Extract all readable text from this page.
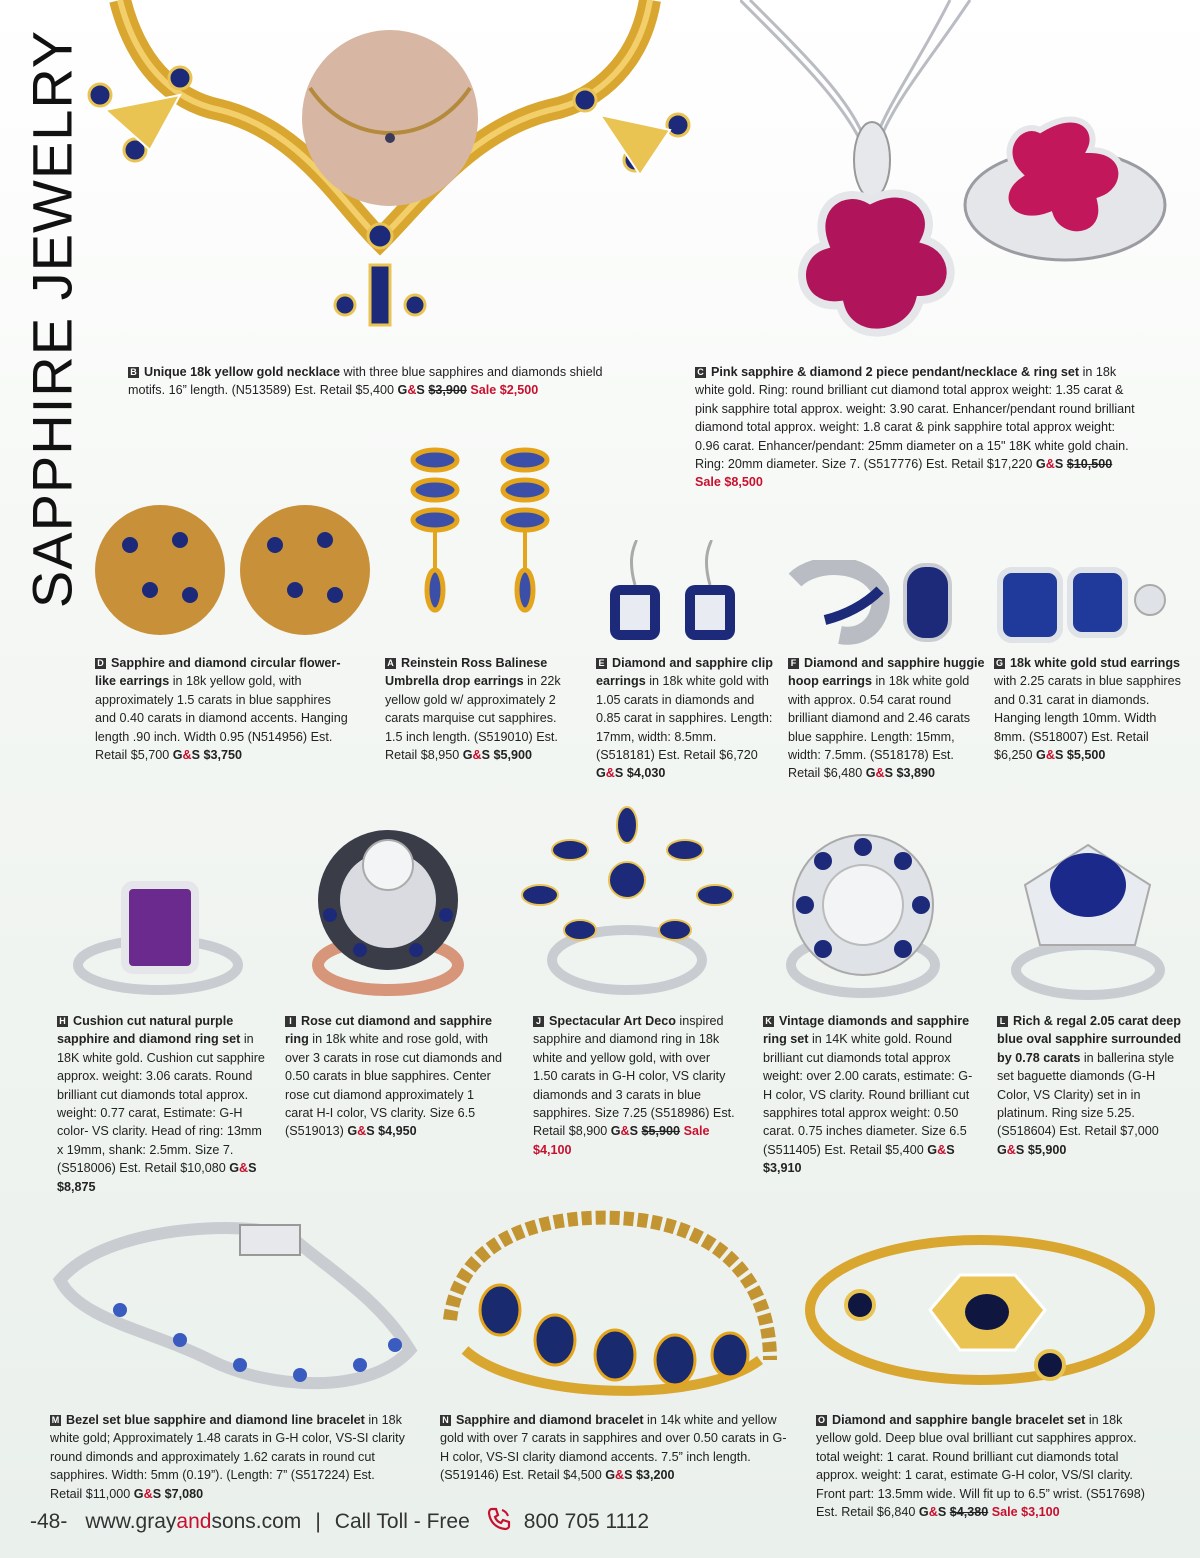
SAPPHIRE JEWELRY	B Unique 18k yellow gold necklace with three blue sapphires and diamonds shield motifs. 16” length. (N513589) Est. Retail $5,400 G&S $3,900 Sale $2,500

C Pink sapphire & diamond 2 piece pendant/necklace & ring set in 18k white gold. Ring: round brilliant cut diamond total approx weight: 1.35 carat & pink sapphire total approx. weight: 3.90 carat. Enhancer/pendant round brilliant diamond total approx. weight: 1.8 carat & pink sapphire total approx weight: 0.96 carat. Enhancer/pendant: 25mm diameter on a 15" 18K white gold chain. Ring: 20mm diameter. Size 7. (S517776) Est. Retail $17,220 G&S $10,500 Sale $8,500

D Sapphire and diamond circular flower-like earrings in 18k yellow gold, with approximately 1.5 carats in blue sapphires and 0.40 carats in diamond accents. Hanging length .90 inch. Width 0.95 (N514956) Est. Retail $5,700 G&S $3,750

A Reinstein Ross Balinese Umbrella drop earrings in 22k yellow gold w/ approximately 2 carats marquise cut sapphires. 1.5 inch length. (S519010) Est. Retail $8,950 G&S $5,900

E Diamond and sapphire clip earrings in 18k white gold with 1.05 carats in diamonds and 0.85 carat in sapphires. Length: 17mm, width: 8.5mm. (S518181) Est. Retail $6,720 G&S $4,030

F Diamond and sapphire huggie hoop earrings in 18k white gold with approx. 0.54 carat round brilliant diamond and 2.46 carats blue sapphire. Length: 15mm, width: 7.5mm. (S518178) Est. Retail $6,480 G&S $3,890

G 18k white gold stud earrings with 2.25 carats in blue sapphires and 0.31 carat in diamonds. Hanging length 10mm. Width 8mm. (S518007) Est. Retail $6,250 G&S $5,500

H Cushion cut natural purple sapphire and diamond ring set in 18K white gold. Cushion cut sapphire approx. weight: 3.06 carats. Round brilliant cut diamonds total approx. weight: 0.77 carat, Estimate: G-H color- VS clarity. Head of ring: 13mm x 19mm, shank: 2.5mm. Size 7. (S518006) Est. Retail $10,080 G&S $8,875

I Rose cut diamond and sapphire ring in 18k white and rose gold, with over 3 carats in rose cut diamonds and 0.50 carats in blue sapphires. Center rose cut diamond approximately 1 carat H-I color, VS clarity. Size 6.5 (S519013) G&S $4,950

J Spectacular Art Deco inspired sapphire and diamond ring in 18k white and yellow gold, with over 1.50 carats in G-H color, VS clarity diamonds and 3 carats in blue sapphires. Size 7.25 (S518986) Est. Retail $8,900 G&S $5,900 Sale $4,100

K Vintage diamonds and sapphire ring set in 14K white gold. Round brilliant cut diamonds total approx weight: over 2.00 carats, estimate: G-H color, VS clarity. Round brilliant cut sapphires total approx weight: 0.50 carat. 0.75 inches diameter. Size 6.5 (S511405) Est. Retail $5,400 G&S $3,910

L Rich & regal 2.05 carat deep blue oval sapphire surrounded by 0.78 carats in ballerina style set baguette diamonds (G-H Color, VS Clarity) set in in platinum. Ring size 5.25. (S518604) Est. Retail $7,000 G&S $5,900

M Bezel set blue sapphire and diamond line bracelet in 18k white gold; Approximately 1.48 carats in G-H color, VS-SI clarity round dimonds and approximately 1.62 carats in round cut sapphires. Width: 5mm (0.19”). (Length: 7” (S517224) Est. Retail $11,000 G&S $7,080

N Sapphire and diamond bracelet in 14k white and yellow gold with over 7 carats in sapphires and over 0.50 carats in G-H color, VS-SI clarity diamond accents. 7.5” inch length. (S519146) Est. Retail $4,500 G&S $3,200

O Diamond and sapphire bangle bracelet set in 18k yellow gold. Deep blue oval brilliant cut sapphires approx. total weight: 1 carat. Round brilliant cut diamonds total approx. weight: 1 carat, estimate G-H color, VS/SI clarity. Front part: 13.5mm wide. Will fit up to 6.5” wrist. (S517698) Est. Retail $6,840 G&S $4,380 Sale $3,100

-48- www.grayandsons.com | Call Toll - Free	800 705 1112
